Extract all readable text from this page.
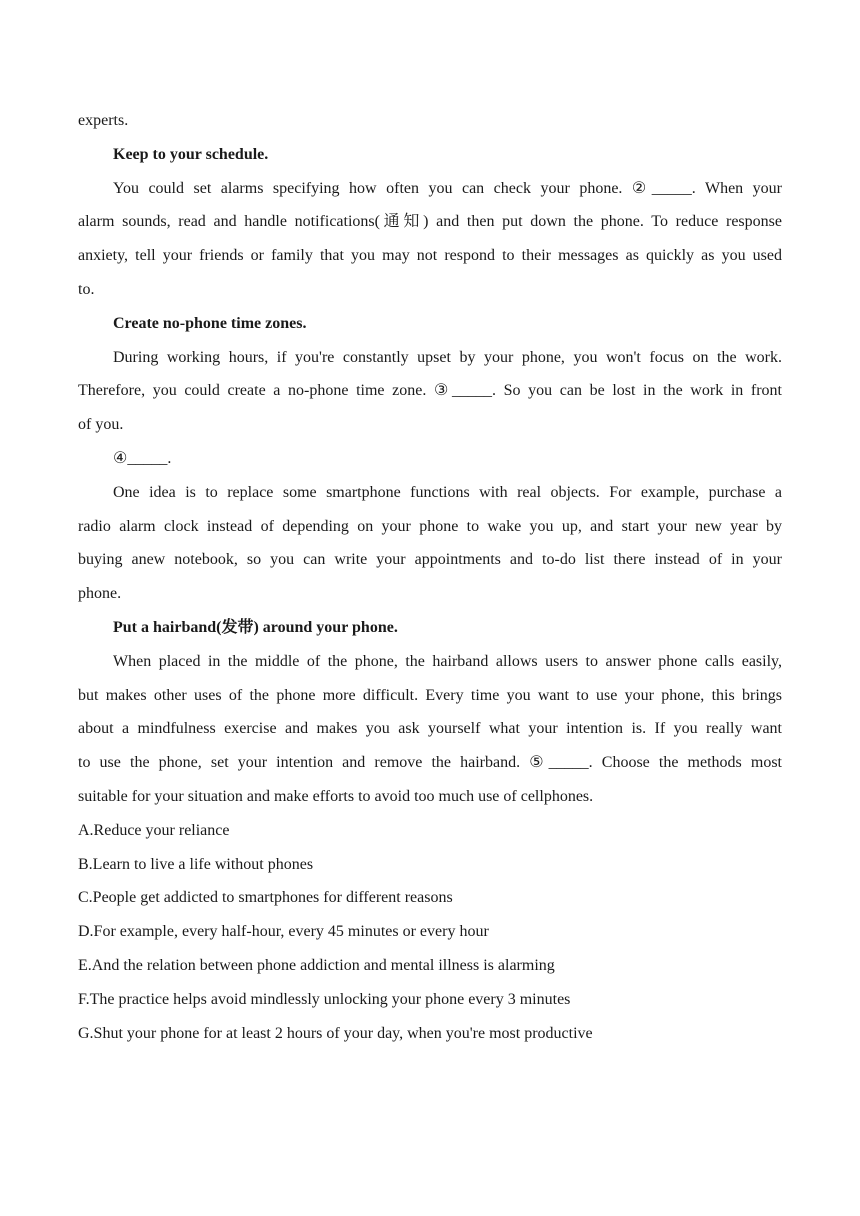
experts.
Keep to your schedule.
You could set alarms specifying how often you can check your phone. ②_____. When your
alarm sounds, read and handle notifications(通知) and then put down the phone. To reduce response
anxiety, tell your friends or family that you may not respond to their messages as quickly as you used
to.
Create no-phone time zones.
During working hours, if you're constantly upset by your phone, you won't focus on the work.
Therefore, you could create a no-phone time zone. ③_____. So you can be lost in the work in front
of you.
④_____.
One idea is to replace some smartphone functions with real objects. For example, purchase a
radio alarm clock instead of depending on your phone to wake you up, and start your new year by
buying anew notebook, so you can write your appointments and to-do list there instead of in your
phone.
Put a hairband(发带) around your phone.
When placed in the middle of the phone, the hairband allows users to answer phone calls easily,
but makes other uses of the phone more difficult. Every time you want to use your phone, this brings
about a mindfulness exercise and makes you ask yourself what your intention is. If you really want
to use the phone, set your intention and remove the hairband. ⑤_____. Choose the methods most
suitable for your situation and make efforts to avoid too much use of cellphones.
A.Reduce your reliance
B.Learn to live a life without phones
C.People get addicted to smartphones for different reasons
D.For example, every half-hour, every 45 minutes or every hour
E.And the relation between phone addiction and mental illness is alarming
F.The practice helps avoid mindlessly unlocking your phone every 3 minutes
G.Shut your phone for at least 2 hours of your day, when you're most productive
